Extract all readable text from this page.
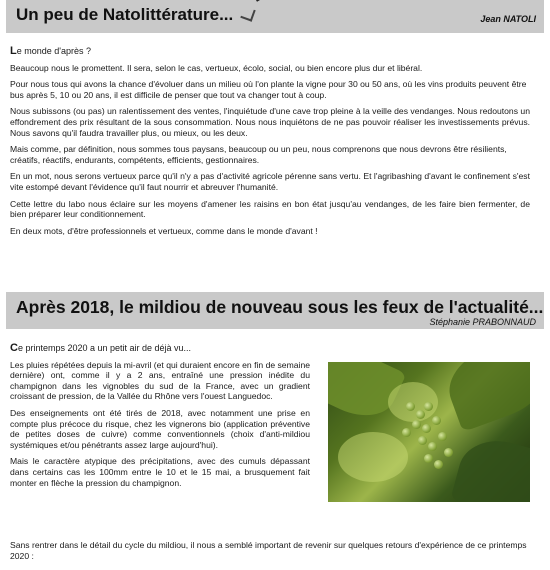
Un peu de Natolittérature...	Jean NATOLI

Le monde d'après ?

Beaucoup nous le promettent. Il sera, selon le cas, vertueux, écolo, social, ou bien encore plus dur et libéral.

Pour nous tous qui avons la chance d'évoluer dans un milieu où l'on plante la vigne pour 30 ou 50 ans, où les vins produits peuvent être bus après 5, 10 ou 20 ans, il est difficile de penser que tout va changer tout à coup.

Nous subissons (ou pas) un ralentissement des ventes, l'inquiétude d'une cave trop pleine à la veille des vendanges. Nous redoutons un effondrement des prix résultant de la sous consommation. Nous nous inquiétons de ne pas pouvoir réaliser les investissements prévus. Nous savons qu'il faudra travailler plus, ou mieux, ou les deux.

Mais comme, par définition, nous sommes tous paysans, beaucoup ou un peu, nous comprenons que nous devrons être résilients, créatifs, réactifs, endurants, compétents, efficients, gestionnaires.

En un mot, nous serons vertueux parce qu'il n'y a pas d'activité agricole pérenne sans vertu. Et l'agribashing d'avant le confinement s'est vite estompé devant l'évidence qu'il faut nourrir et abreuver l'humanité.

Cette lettre du labo nous éclaire sur les moyens d'amener les raisins en bon état jusqu'au vendanges, de les faire bien fermenter, de bien préparer leur conditionnement.

En deux mots, d'être professionnels et vertueux, comme dans le monde d'avant !

Après 2018, le mildiou de nouveau sous les feux de l'actualité...
Stéphanie PRABONNAUD

Ce printemps 2020 a un petit air de déjà vu...

Les pluies répétées depuis la mi-avril (et qui duraient encore en fin de semaine dernière) ont, comme il y a 2 ans, entraîné une pression inédite du champignon dans les vignobles du sud de la France, avec un gradient croissant de pression, de la Vallée du Rhône vers l'ouest Languedoc.

Des enseignements ont été tirés de 2018, avec notamment une prise en compte plus précoce du risque, chez les vignerons bio (application préventive de petites doses de cuivre) comme conventionnels (choix d'anti-mildiou systémiques et/ou pénétrants assez large aujourd'hui).

Mais le caractère atypique des précipitations, avec des cumuls dépassant dans certains cas les 100mm entre le 10 et le 15 mai, a brusquement fait monter en flèche la pression du champignon.

Sans rentrer dans le détail du cycle du mildiou, il nous a semblé important de revenir sur quelques retours d'expérience de ce printemps 2020 :
